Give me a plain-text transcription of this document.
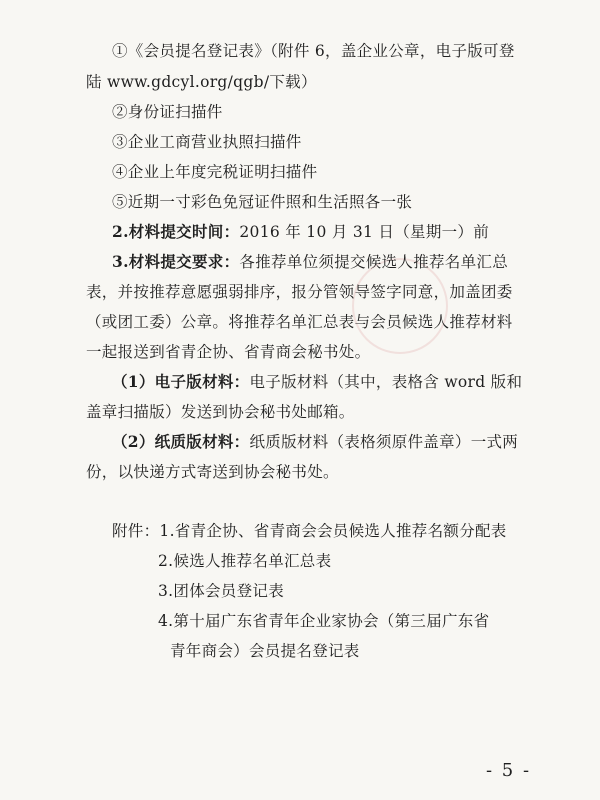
①《会员提名登记表》（附件 6，盖企业公章，电子版可登
陆 www.gdcyl.org/qgb/下载）
②身份证扫描件
③企业工商营业执照扫描件
④企业上年度完税证明扫描件
⑤近期一寸彩色免冠证件照和生活照各一张
2.材料提交时间：2016 年 10 月 31 日（星期一）前
3.材料提交要求：各推荐单位须提交候选人推荐名单汇总
表，并按推荐意愿强弱排序，报分管领导签字同意，加盖团委
（或团工委）公章。将推荐名单汇总表与会员候选人推荐材料
一起报送到省青企协、省青商会秘书处。
（1）电子版材料：电子版材料（其中，表格含 word 版和
盖章扫描版）发送到协会秘书处邮箱。
（2）纸质版材料：纸质版材料（表格须原件盖章）一式两
份，以快递方式寄送到协会秘书处。
附件：1.省青企协、省青商会会员候选人推荐名额分配表
2.候选人推荐名单汇总表
3.团体会员登记表
4.第十届广东省青年企业家协会（第三届广东省
青年商会）会员提名登记表
- 5 -
